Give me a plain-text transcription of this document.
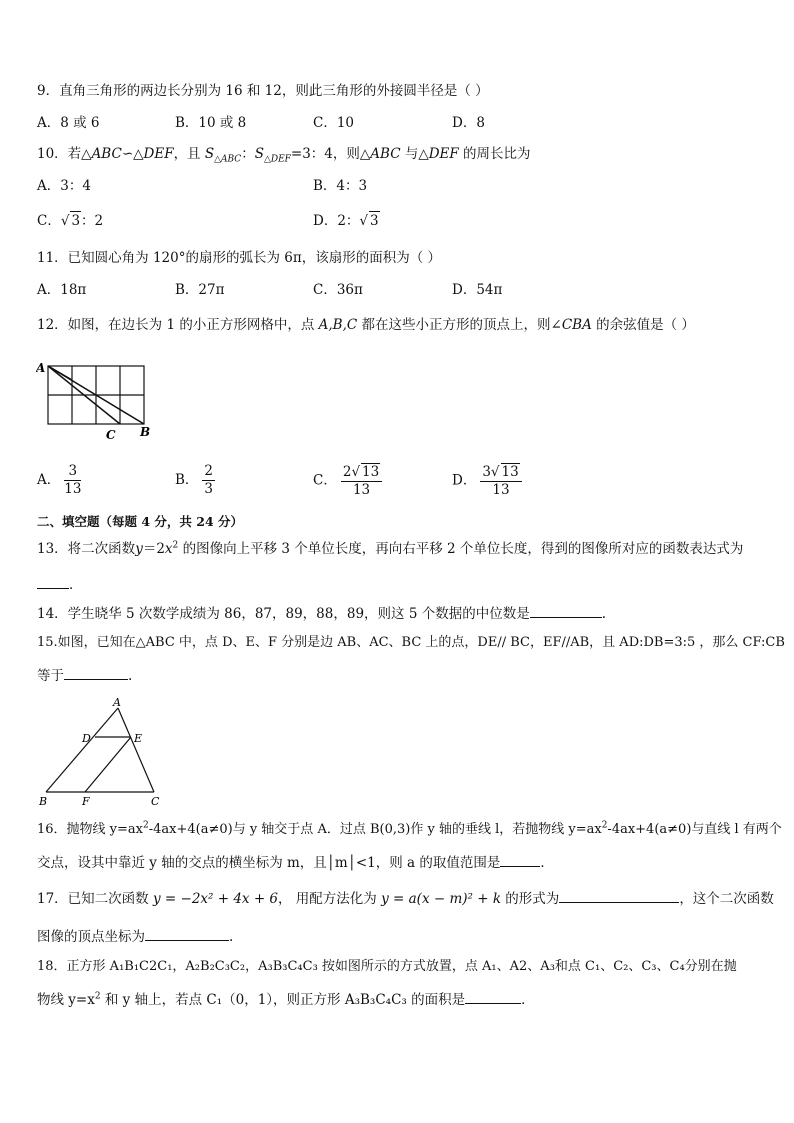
9．直角三角形的两边长分别为 16 和 12，则此三角形的外接圆半径是（ ）
A．8 或 6	B．10 或 8	C．10	D．8
10．若△ABC∽△DEF，且 $S_{\triangle ABC}$：$S_{\triangle DEF}=3$：4，则△ABC 与△DEF 的周长比为
A．3：4	B．4：3
C．√ 3：2	D．2：√ 3
11．已知圆心角为 120°的扇形的弧长为 6π，该扇形的面积为（ ）
A．18π	B．27π	C．36π	D．54π
12．如图，在边长为 1 的小正方形网格中，点 A,B,C 都在这些小正方形的顶点上，则∠CBA 的余弦值是（ ）
A
C B
A． $\frac{3}{13}$	B． $\frac{2}{3}$	C． $\frac{2√ 13}{13}$	D． $\frac{3√ 13}{13}$
二、填空题（每题 4 分，共 24 分）
13．将二次函数$y=2x^2$ 的图像向上平移 3 个单位长度，再向右平移 2 个单位长度，得到的图像所对应的函数表达式为
．
14．学生晓华 5 次数学成绩为 86，87，89，88，89，则这 5 个数据的中位数是	.
15.如图，已知在△ABC 中，点 D、E、F 分别是边 AB、AC、BC 上的点，DE// BC，EF//AB，且 AD:DB=3:5 ，那么 CF:CB
等于	.
A
D	E
B	F	C
16．抛物线 $y=ax^2-4ax+4(a\ne 0)$与 y 轴交于点 A．过点 B(0,3)作 y 轴的垂线 l，若抛物线 $y=ax^2-4ax+4(a\ne 0)$与直线 l 有两个
交点，设其中靠近 y 轴的交点的横坐标为 m，且│m│<1，则 a 的取值范围是	．
17．已知二次函数 y = −2x² + 4x + 6， 用配方法化为 y = a(x − m)² + k 的形式为	，这个二次函数
图像的顶点坐标为	.
18．正方形 A₁B₁C2C₁，A₂B₂C₃C₂，A₃B₃C₄C₃ 按如图所示的方式放置，点 A₁、A2、A₃和点 C₁、C₂、C₃、C₄分别在抛
物线 $y=x^2$ 和 y 轴上，若点 C₁（0，1），则正方形 A₃B₃C₄C₃ 的面积是	．
